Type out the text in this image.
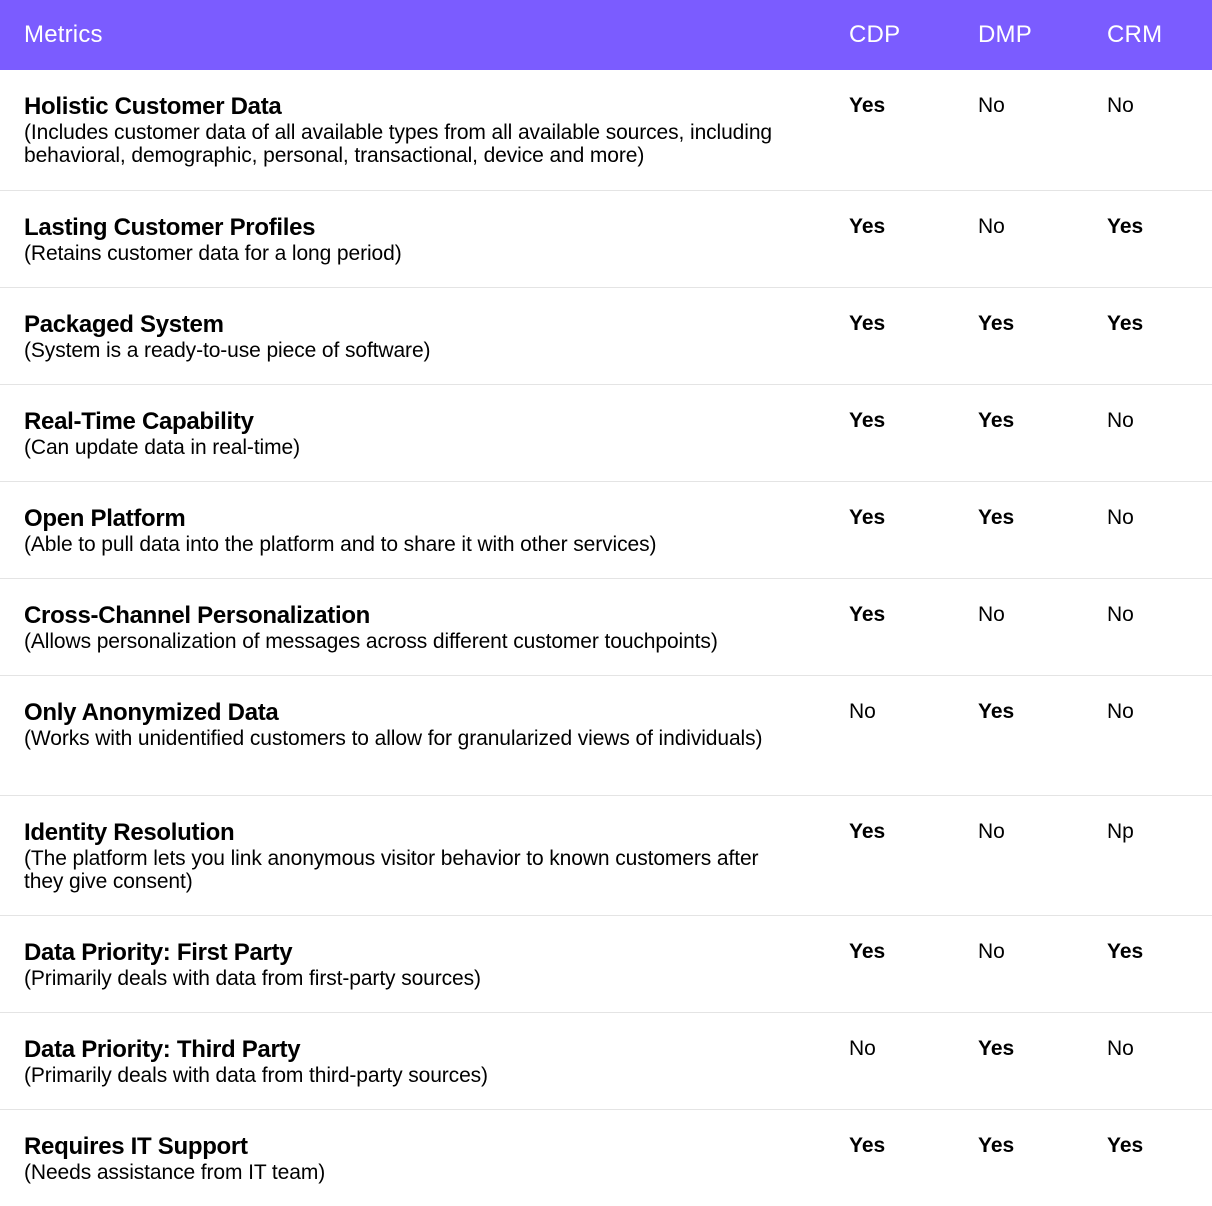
Metrics	CDP	DMP	CRM
Holistic Customer Data
(Includes customer data of all available types from all available sources, including behavioral, demographic, personal, transactional, device and more)
Yes	No	No
Lasting Customer Profiles
(Retains customer data for a long period)
Yes	No	Yes
Packaged System
(System is a ready-to-use piece of software)
Yes	Yes	Yes
Real-Time Capability
(Can update data in real-time)
Yes	Yes	No
Open Platform
(Able to pull data into the platform and to share it with other services)
Yes	Yes	No
Cross-Channel Personalization
(Allows personalization of messages across different customer touchpoints)
Yes	No	No
Only Anonymized Data
(Works with unidentified customers to allow for granularized views of individuals)
No	Yes	No
Identity Resolution
(The platform lets you link anonymous visitor behavior to known customers after they give consent)
Yes	No	Np
Data Priority: First Party
(Primarily deals with data from first-party sources)
Yes	No	Yes
Data Priority: Third Party
(Primarily deals with data from third-party sources)
No	Yes	No
Requires IT Support
(Needs assistance from IT team)
Yes	Yes	Yes
